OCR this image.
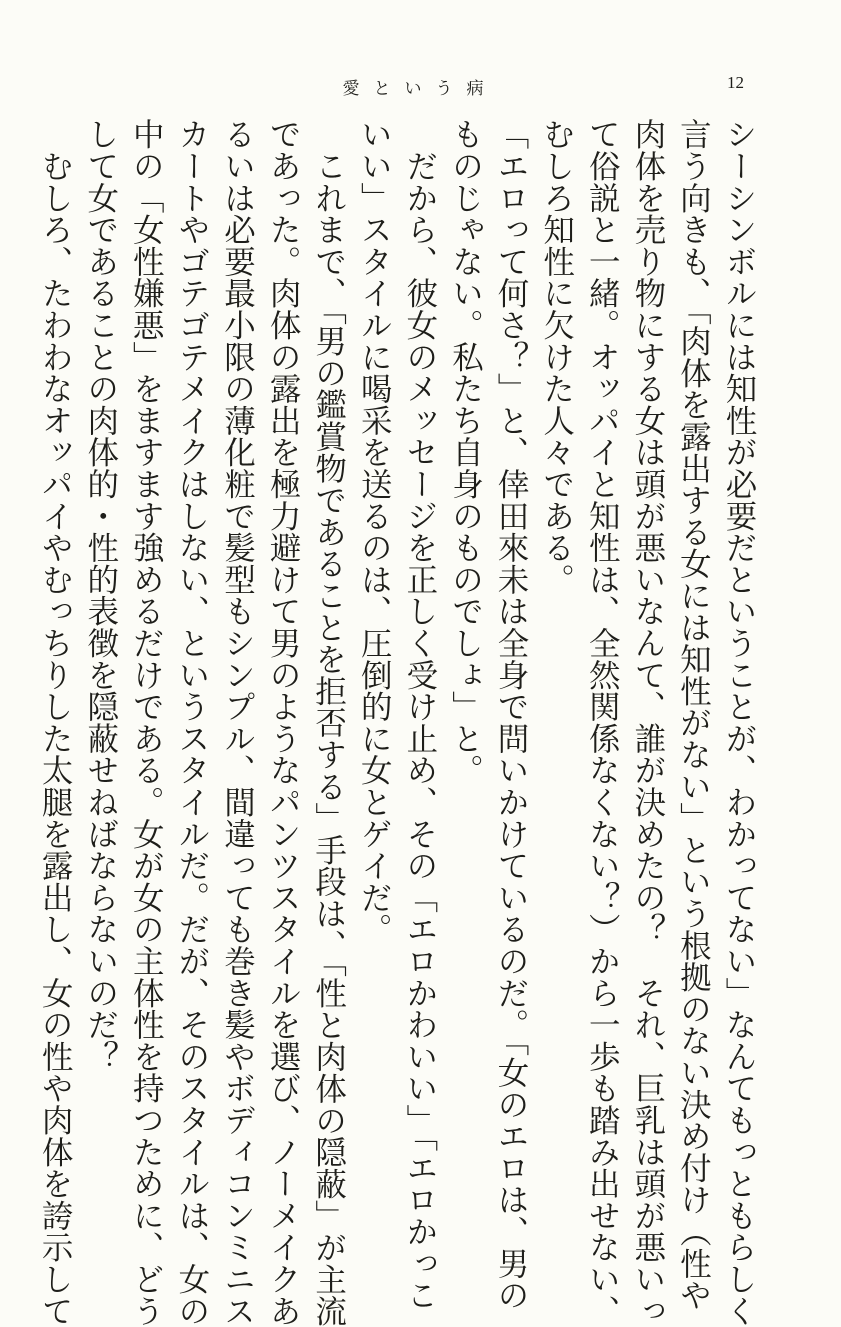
愛という病	12

シーシンボルには知性が必要だということが、わかってない」なんてもっともらしく

言う向きも、「肉体を露出する女には知性がない」という根拠のない決め付け（性や

肉体を売り物にする女は頭が悪いなんて、誰が決めたの？　それ、巨乳は頭が悪いっ

て俗説と一緒。オッパイと知性は、全然関係なくない？）から一歩も踏み出せない、

むしろ知性に欠けた人々である。

「エロって何さ？」と、倖田來未は全身で問いかけているのだ。「女のエロは、男の

ものじゃない。私たち自身のものでしょ」と。

　だから、彼女のメッセージを正しく受け止め、その「エロかわいい」「エロかっこ

いい」スタイルに喝采を送るのは、圧倒的に女とゲイだ。

　これまで、「男の鑑賞物であることを拒否する」手段は、「性と肉体の隠蔽」が主流

であった。肉体の露出を極力避けて男のようなパンツスタイルを選び、ノーメイクあ

るいは必要最小限の薄化粧で髪型もシンプル、間違っても巻き髪やボディコンミニス

カートやゴテゴテメイクはしない、というスタイルだ。だが、そのスタイルは、女の

中の「女性嫌悪」をますます強めるだけである。女が女の主体性を持つために、どう

して女であることの肉体的・性的表徴を隠蔽せねばならないのだ？

　むしろ、たわわなオッパイやむっちりした太腿を露出し、女の性や肉体を誇示して
